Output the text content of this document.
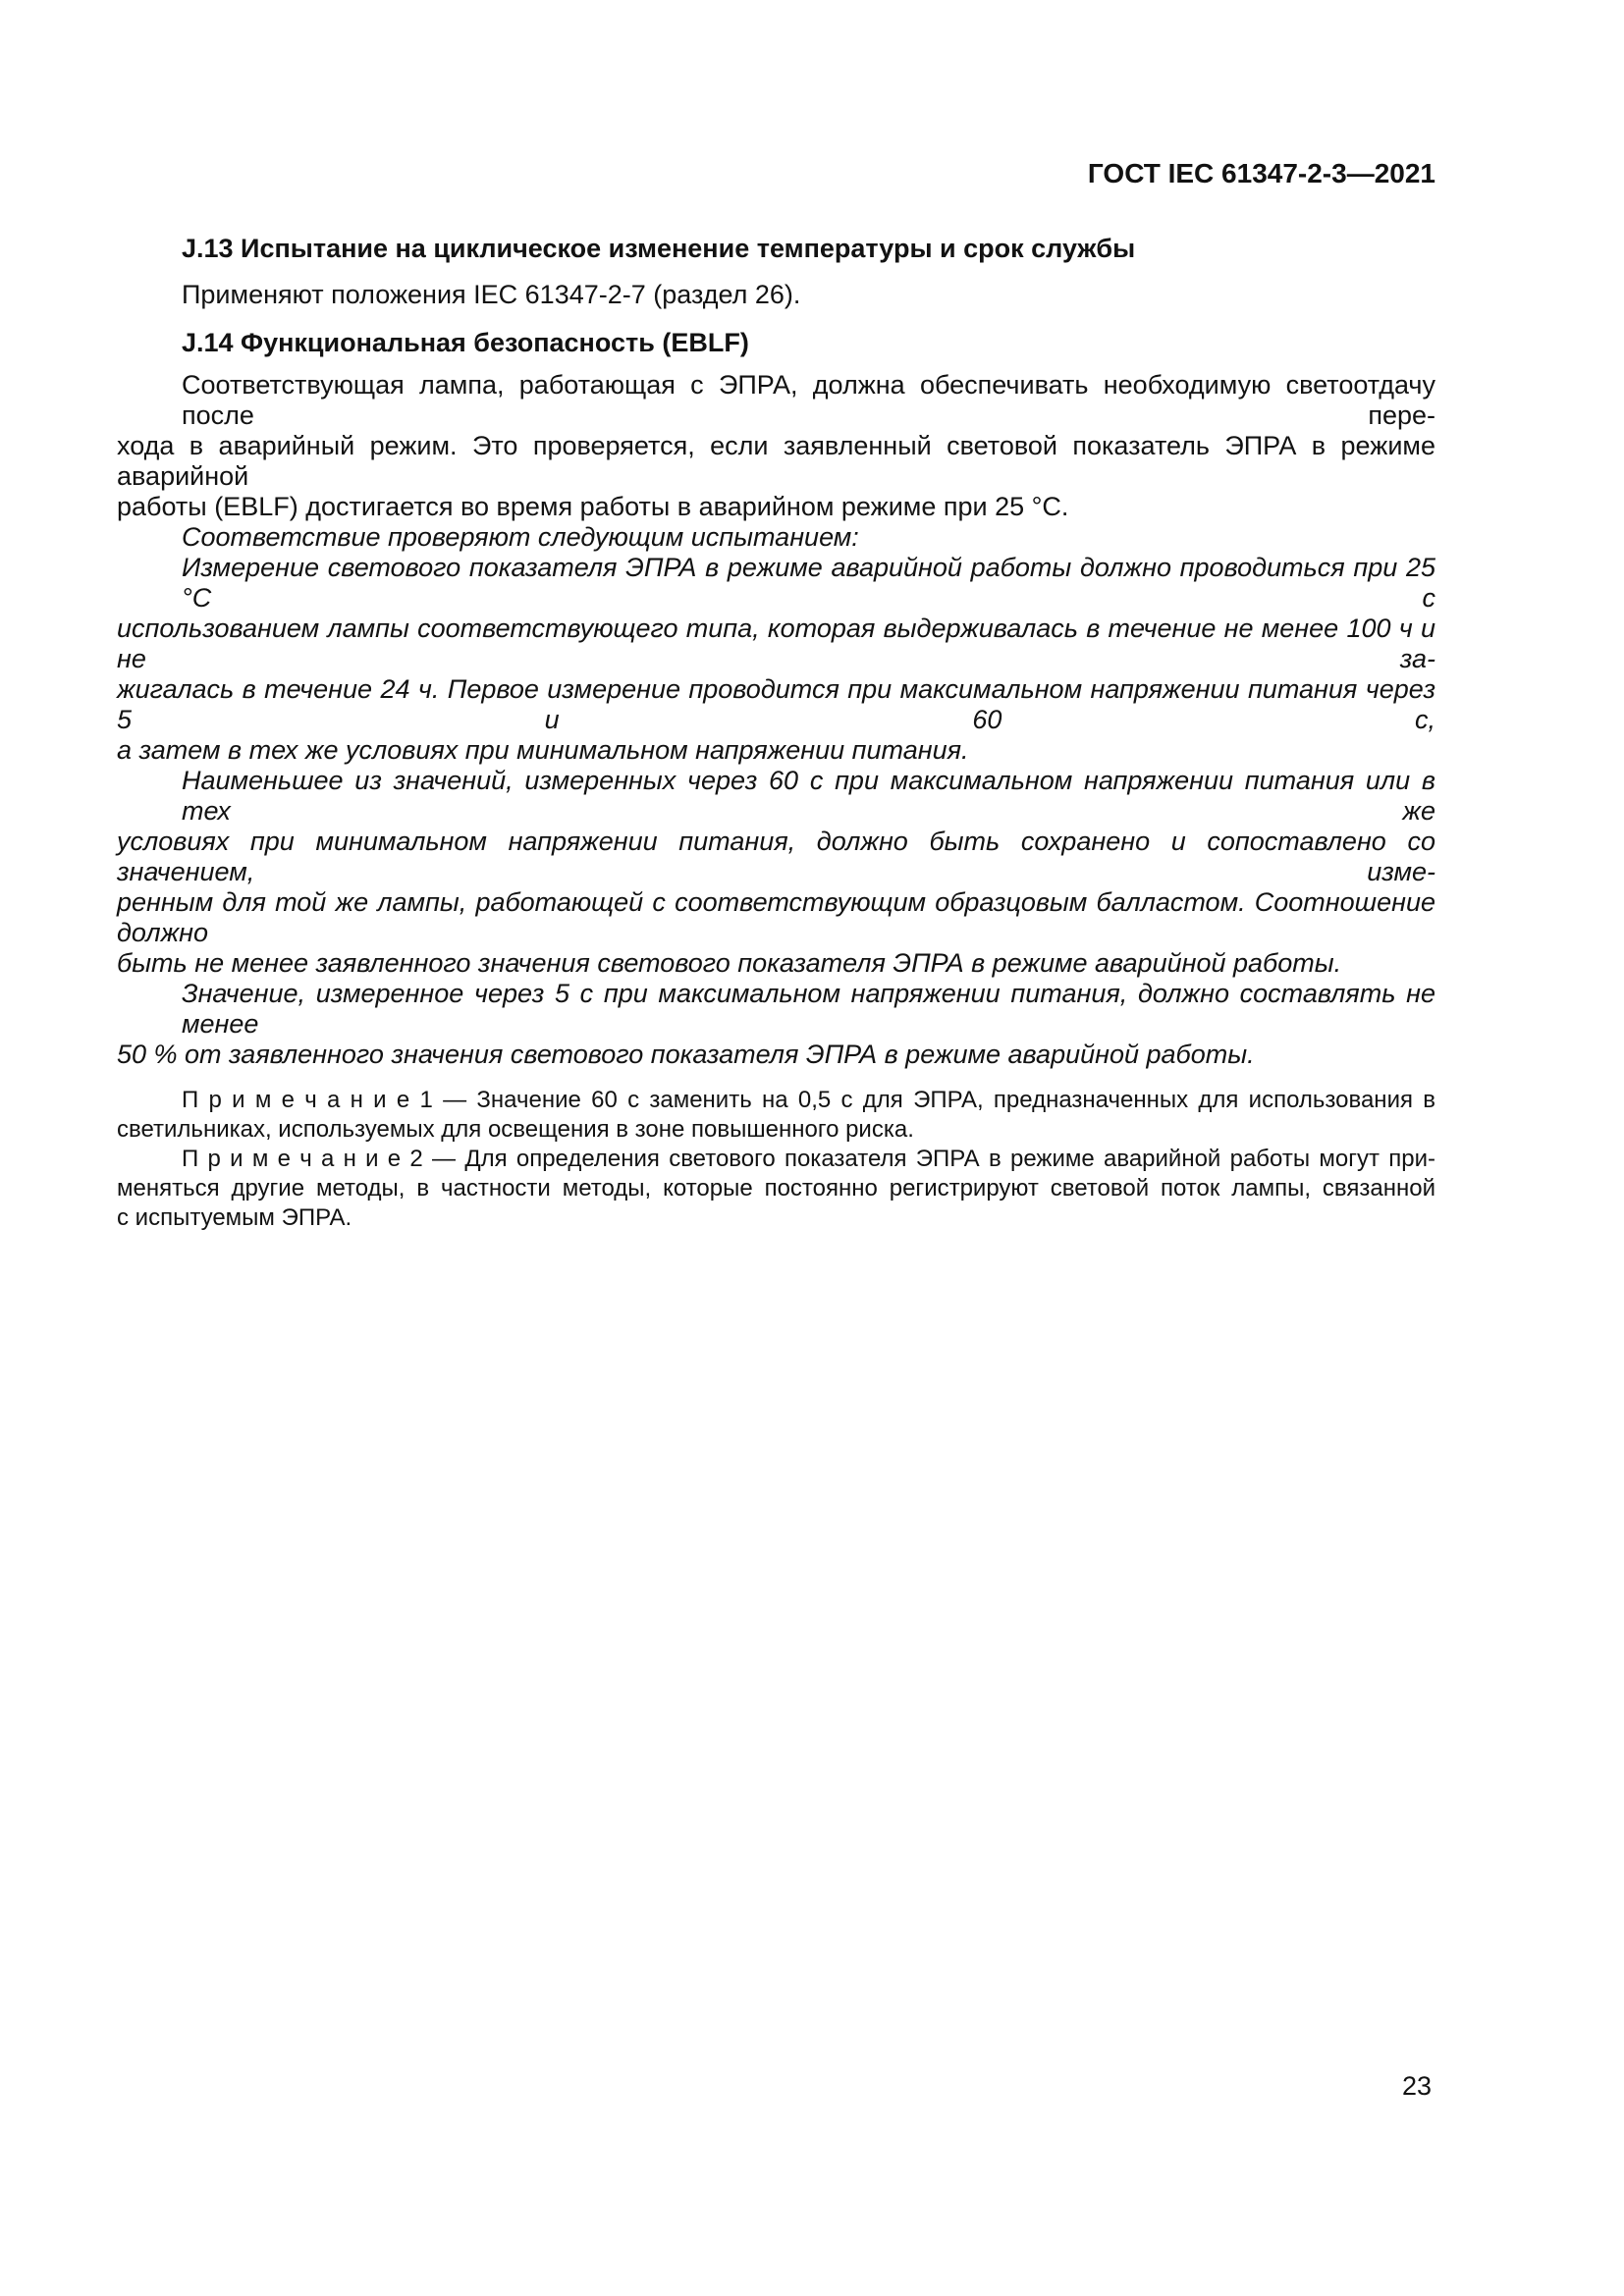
ГОСТ IEC 61347-2-3—2021
J.13 Испытание на циклическое изменение температуры и срок службы
Применяют положения IEC 61347-2-7 (раздел 26).
J.14 Функциональная безопасность (EBLF)
Соответствующая лампа, работающая с ЭПРА, должна обеспечивать необходимую светоотдачу после пере-
хода в аварийный режим. Это проверяется, если заявленный световой показатель ЭПРА в режиме аварийной
работы (EBLF) достигается во время работы в аварийном режиме при 25 °C.
Соответствие проверяют следующим испытанием:
Измерение светового показателя ЭПРА в режиме аварийной работы должно проводиться при 25 °C с
использованием лампы соответствующего типа, которая выдерживалась в течение не менее 100 ч и не за-
жигалась в течение 24 ч. Первое измерение проводится при максимальном напряжении питания через 5 и 60 с,
а затем в тех же условиях при минимальном напряжении питания.
Наименьшее из значений, измеренных через 60 с при максимальном напряжении питания или в тех же
условиях при минимальном напряжении питания, должно быть сохранено и сопоставлено со значением, изме-
ренным для той же лампы, работающей с соответствующим образцовым балластом. Соотношение должно
быть не менее заявленного значения светового показателя ЭПРА в режиме аварийной работы.
Значение, измеренное через 5 с при максимальном напряжении питания, должно составлять не менее
50 % от заявленного значения светового показателя ЭПРА в режиме аварийной работы.
П р и м е ч а н и е 1 — Значение 60 с заменить на 0,5 с для ЭПРА, предназначенных для использования в
светильниках, используемых для освещения в зоне повышенного риска.
П р и м е ч а н и е 2 — Для определения светового показателя ЭПРА в режиме аварийной работы могут при-
меняться другие методы, в частности методы, которые постоянно регистрируют световой поток лампы, связанной
с испытуемым ЭПРА.
23
